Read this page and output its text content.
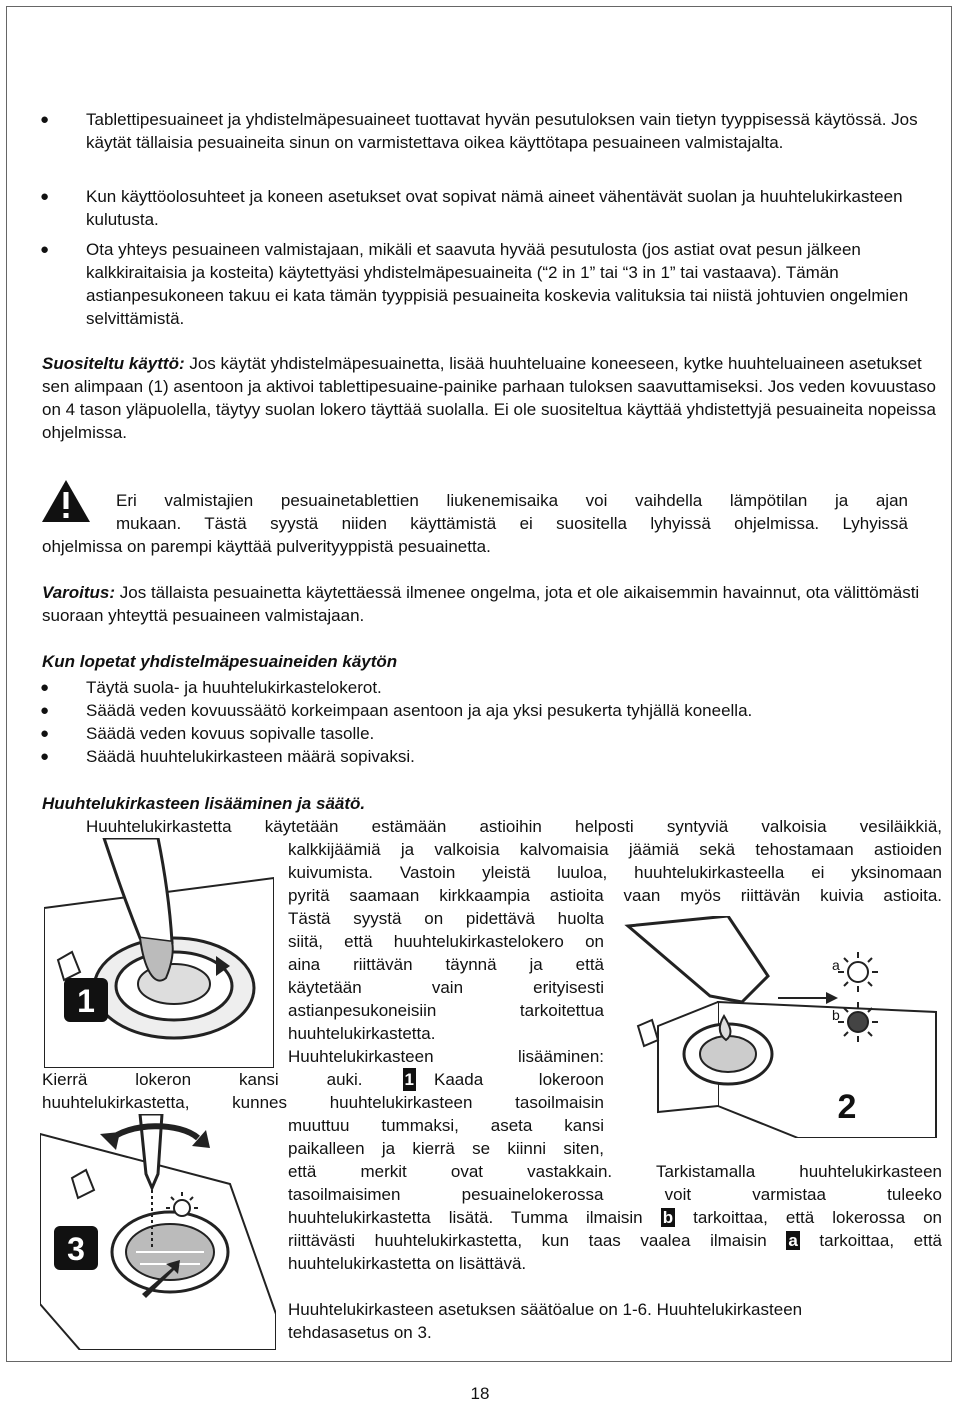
● Tablettipesuaineet ja yhdistelmäpesuaineet tuottavat hyvän pesutuloksen vain tietyn tyyppisessä käytössä. Jos käytät tällaisia pesuaineita sinun on varmistettava oikea käyttötapa pesuaineen valmistajalta.

● Kun käyttöolosuhteet ja koneen asetukset ovat sopivat nämä aineet vähentävät suolan ja huuhtelukirkasteen kulutusta.

● Ota yhteys pesuaineen valmistajaan, mikäli et saavuta hyvää pesutulosta (jos astiat ovat pesun jälkeen kalkkiraitaisia ja kosteita) käytettyäsi yhdistelmäpesuaineita (“2 in 1” tai “3 in 1” tai vastaava). Tämän astianpesukoneen takuu ei kata tämän tyyppisiä pesuaineita koskevia valituksia tai niistä johtuvien ongelmien selvittämistä.

Suositeltu käyttö: Jos käytät yhdistelmäpesuainetta, lisää huuhteluaine koneeseen, kytke huuhteluaineen asetukset sen alimpaan (1) asentoon ja aktivoi tablettipesuaine-painike parhaan tuloksen saavuttamiseksi. Jos veden kovuustaso on 4 tason yläpuolella, täytyy suolan lokero täyttää suolalla. Ei ole suositeltua käyttää yhdistettyjä pesuaineita nopeissa ohjelmissa.

Eri valmistajien pesuainetablettien liukenemisaika voi vaihdella lämpötilan ja ajan

mukaan. Tästä syystä niiden käyttämistä ei suositella lyhyissä ohjelmissa. Lyhyissä

ohjelmissa on parempi käyttää pulverityyppistä pesuainetta.

Varoitus: Jos tällaista pesuainetta käytettäessä ilmenee ongelma, jota et ole aikaisemmin havainnut, ota välittömästi suoraan yhteyttä pesuaineen valmistajaan.

Kun lopetat yhdistelmäpesuaineiden käytön

● Täytä suola- ja huuhtelukirkastelokerot.

● Säädä veden kovuussäätö korkeimpaan asentoon ja aja yksi pesukerta tyhjällä koneella.

● Säädä veden kovuus sopivalle tasolle.

● Säädä huuhtelukirkasteen määrä sopivaksi.

Huuhtelukirkasteen lisääminen ja säätö.

Huuhtelukirkastetta käytetään estämään astioihin helposti syntyviä valkoisia vesiläikkiä,

kalkkijäämiä ja valkoisia kalvomaisia jäämiä sekä tehostamaan astioiden

kuivumista. Vastoin yleistä luuloa, huuhtelukirkasteella ei yksinomaan

pyritä saamaan kirkkaampia astioita vaan myös riittävän kuivia astioita.

Tästä syystä on pidettävä huolta

siitä, että huuhtelukirkastelokero on

aina riittävän täynnä ja että

käytetään vain erityisesti

astianpesukoneisiin tarkoitettua

huuhtelukirkastetta.

Huuhtelukirkasteen lisääminen:

Kierrä lokeron kansi auki. 1 Kaada lokeroon

huuhtelukirkastetta, kunnes huuhtelukirkasteen tasoilmaisin

muuttuu tummaksi, aseta kansi

paikalleen ja kierrä se kiinni siten,

että merkit ovat vastakkain. Tarkistamalla huuhtelukirkasteen

tasoilmaisimen pesuainelokerossa voit varmistaa tuleeko

huuhtelukirkastetta lisätä. Tumma ilmaisin b tarkoittaa, että lokerossa on

riittävästi huuhtelukirkastetta, kun taas vaalea ilmaisin a tarkoittaa, että

huuhtelukirkastetta on lisättävä.

Huuhtelukirkasteen asetuksen säätöalue on 1-6. Huuhtelukirkasteen

tehdasasetus on 3.

1
a
b
2
3
18
